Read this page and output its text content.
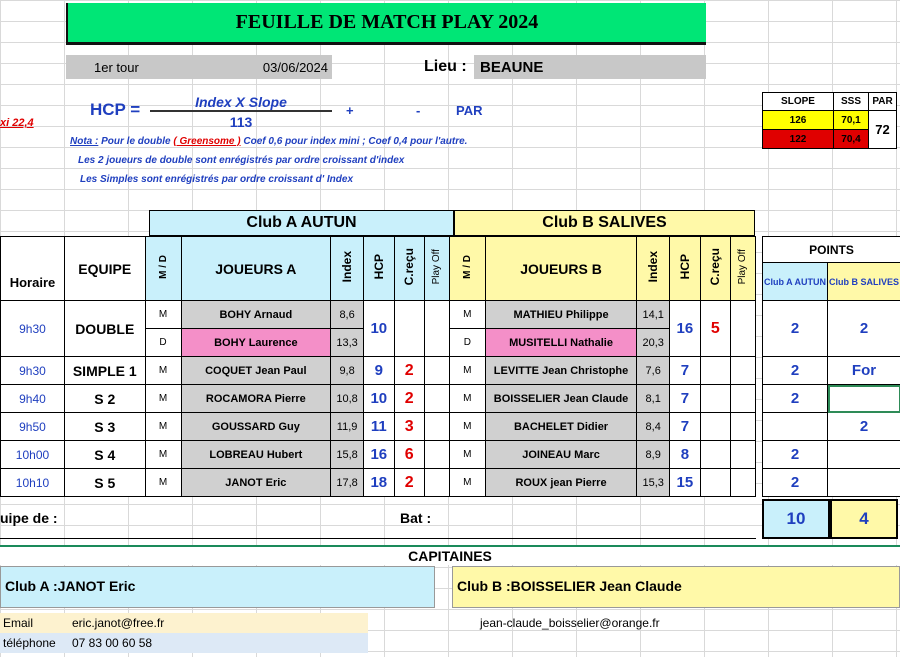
FEUILLE DE MATCH PLAY 2024
1er tour	03/06/2024	Lieu : BEAUNE
xi 22,4
HCP =	Index X Slope
113
+	-	PAR
Nota : Pour le double ( Greensome ) Coef 0,6 pour index mini ; Coef 0,4 pour l'autre.
Les 2 joueurs de double sont enrégistrés par ordre croissant d'index
Les Simples sont enrégistrés par ordre croissant d' Index
SLOPE	SSS	PAR
126	70,1	72
122	70,4	
Club A AUTUN	Club B SALIVES
Horaire	EQUIPE	M / D	JOUEURS A	Index	HCP	C.reçu	Play Off	M / D	JOUEURS B	Index	HCP	C.reçu	Play Off
9h30	DOUBLE	M	BOHY Arnaud	8,6	10			M	MATHIEU Philippe	14,1	16	5	
		D	BOHY Laurence	13,3				D	MUSITELLI Nathalie	20,3			
9h30	SIMPLE 1	M	COQUET Jean Paul	9,8	9	2		M	LEVITTE Jean Christophe	7,6	7		
9h40	S 2	M	ROCAMORA Pierre	10,8	10	2		M	BOISSELIER Jean Claude	8,1	7		
9h50	S 3	M	GOUSSARD Guy	11,9	11	3		M	BACHELET Didier	8,4	7		
10h00	S 4	M	LOBREAU Hubert	15,8	16	6		M	JOINEAU Marc	8,9	8		
10h10	S 5	M	JANOT Eric	17,8	18	2		M	ROUX jean Pierre	15,3	15		
POINTS	
Club A AUTUN	Club B SALIVES
2	2
2	For
2	
	2
2	
2	
uipe de :	Bat :	10	4
CAPITAINES
Club A :JANOT Eric	Club B :BOISSELIER Jean Claude
Email	eric.janot@free.fr	jean-claude_boisselier@orange.fr
téléphone 07 83 00 60 58
